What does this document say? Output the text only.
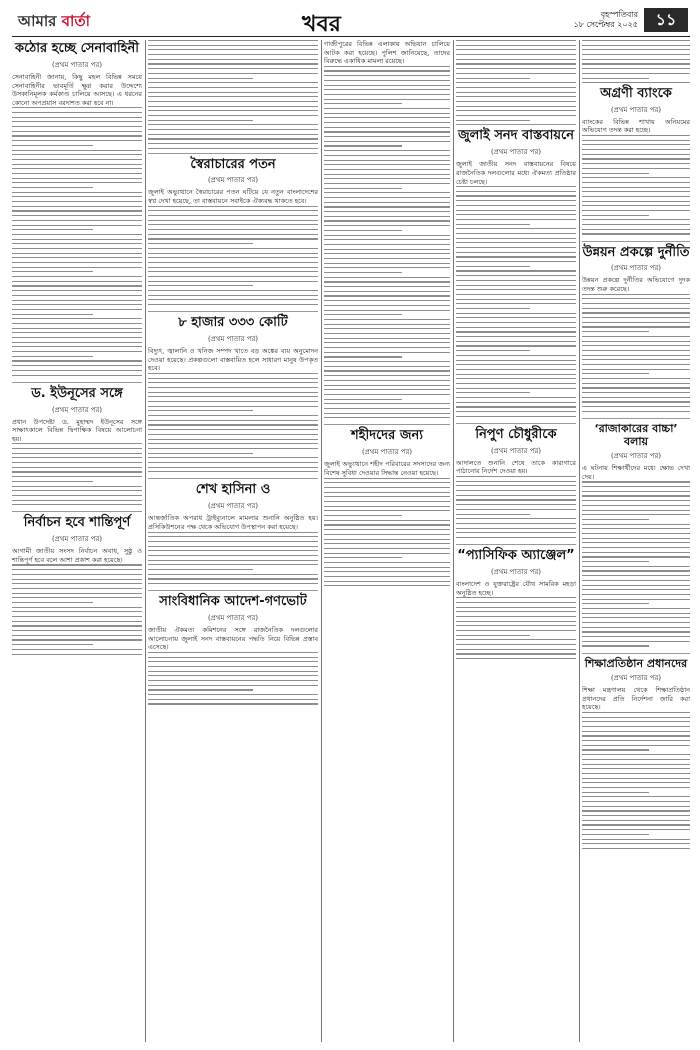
আমার বার্তা	খবর	বৃহস্পতিবার
১৮ সেপ্টেম্বর ২০২৫	১১
কঠোর হচ্ছে সেনাবাহিনী
(প্রথম পাতার পর)
সেনাবাহিনী জানায়, কিছু মহল বিভিন্ন সময়ে সেনাবাহিনীর ভাবমূর্তি ক্ষুণ্ণ করার উদ্দেশ্যে উসকানিমূলক কর্মকাণ্ড চালিয়ে আসছে। এ ধরনের কোনো অপপ্রয়াস বরদাশত করা হবে না।
ড. ইউনূসের সঙ্গে
(প্রথম পাতার পর)
প্রধান উপদেষ্টা ড. মুহাম্মদ ইউনূসের সঙ্গে সাক্ষাৎকালে বিভিন্ন দ্বিপাক্ষিক বিষয়ে আলোচনা হয়।
নির্বাচন হবে শান্তিপূর্ণ
(প্রথম পাতার পর)
আগামী জাতীয় সংসদ নির্বাচন অবাধ, সুষ্ঠু ও শান্তিপূর্ণ হবে বলে আশা প্রকাশ করা হয়েছে।
স্বৈরাচারের পতন
(প্রথম পাতার পর)
জুলাই অভ্যুত্থানে স্বৈরাচারের পতন ঘটিয়ে যে নতুন বাংলাদেশের স্বপ্ন দেখা হয়েছে, তা বাস্তবায়নে সবাইকে ঐক্যবদ্ধ থাকতে হবে।
৮ হাজার ৩৩৩ কোটি
(প্রথম পাতার পর)
বিদ্যুৎ, জ্বালানি ও খনিজ সম্পদ খাতে বড় অঙ্কের ব্যয় অনুমোদন দেওয়া হয়েছে। প্রকল্পগুলো বাস্তবায়িত হলে সাধারণ মানুষ উপকৃত হবে।
শেখ হাসিনা ও
(প্রথম পাতার পর)
আন্তর্জাতিক অপরাধ ট্রাইব্যুনালে মামলার শুনানি অনুষ্ঠিত হয়। প্রসিকিউশনের পক্ষ থেকে অভিযোগ উপস্থাপন করা হয়েছে।
সাংবিধানিক আদেশ-গণভোট
(প্রথম পাতার পর)
জাতীয় ঐকমত্য কমিশনের সঙ্গে রাজনৈতিক দলগুলোর আলোচনায় জুলাই সনদ বাস্তবায়নের পদ্ধতি নিয়ে বিভিন্ন প্রস্তাব এসেছে।
গাজীপুরের বিভিন্ন এলাকায় অভিযান চালিয়ে আটক করা হয়েছে। পুলিশ জানিয়েছে, তাদের বিরুদ্ধে একাধিক মামলা রয়েছে।
শহীদদের জন্য
(প্রথম পাতার পর)
জুলাই অভ্যুত্থানে শহীদ পরিবারের সদস্যদের জন্য বিশেষ সুবিধা দেওয়ার সিদ্ধান্ত নেওয়া হয়েছে।
জুলাই সনদ বাস্তবায়নে
(প্রথম পাতার পর)
জুলাই জাতীয় সনদ বাস্তবায়নের বিষয়ে রাজনৈতিক দলগুলোর মধ্যে ঐকমত্য প্রতিষ্ঠার চেষ্টা চলছে।
নিপুণ চৌধুরীকে
(প্রথম পাতার পর)
আদালতে শুনানি শেষে তাকে কারাগারে পাঠানোর নির্দেশ দেওয়া হয়।
“প্যাসিফিক অ্যাঞ্জেল”
(প্রথম পাতার পর)
বাংলাদেশ ও যুক্তরাষ্ট্রের যৌথ সামরিক মহড়া অনুষ্ঠিত হচ্ছে।
অগ্রণী ব্যাংকে
(প্রথম পাতার পর)
ব্যাংকের বিভিন্ন শাখায় অনিয়মের অভিযোগ তদন্ত করা হচ্ছে।
উন্নয়ন প্রকল্পে দুর্নীতি
(প্রথম পাতার পর)
উন্নয়ন প্রকল্পে দুর্নীতির অভিযোগে দুদক তদন্ত শুরু করেছে।
‘রাজাকারের বাচ্চা’ বলায়
(প্রথম পাতার পর)
এ ঘটনায় শিক্ষার্থীদের মধ্যে ক্ষোভ দেখা দেয়।
শিক্ষাপ্রতিষ্ঠান প্রধানদের
(প্রথম পাতার পর)
শিক্ষা মন্ত্রণালয় থেকে শিক্ষাপ্রতিষ্ঠান প্রধানদের প্রতি নির্দেশনা জারি করা হয়েছে।
